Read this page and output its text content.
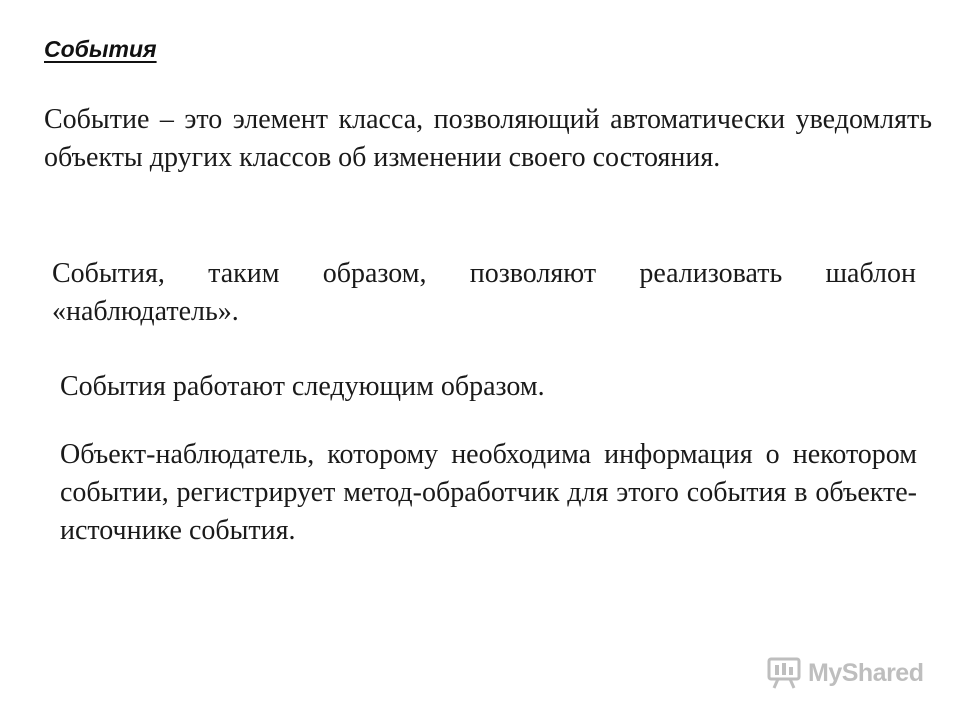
События
Событие – это элемент класса, позволяющий автоматически уведомлять объекты других классов об изменении своего состояния.
События, таким образом, позволяют реализовать шаблон «наблюдатель».
События работают следующим образом.
Объект-наблюдатель, которому необходима информация о некотором событии, регистрирует метод-обработчик для этого события в объекте-источнике события.
MyShared
